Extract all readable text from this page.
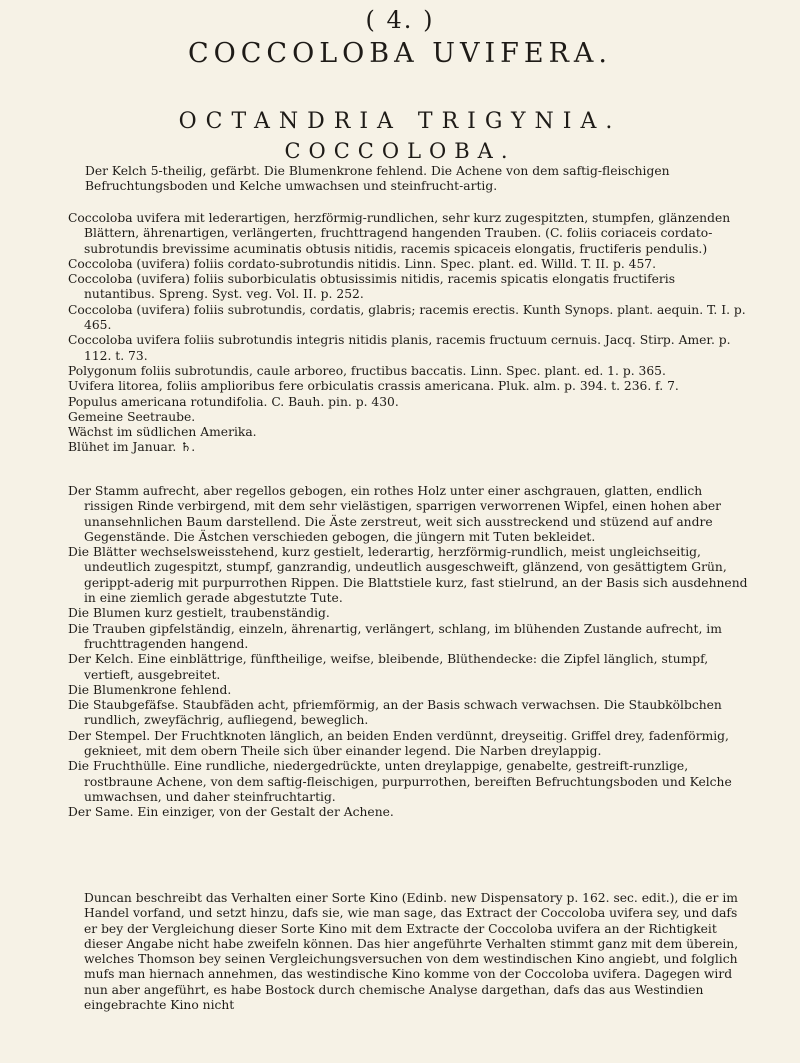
( 4. )
COCCOLOBA UVIFERA.
OCTANDRIA TRIGYNIA.
COCCOLOBA.
Der Kelch 5-theilig, gefärbt. Die Blumenkrone fehlend. Die Achene von dem saftig-fleischigen Befruchtungsboden und Kelche umwachsen und steinfrucht-artig.

Coccoloba uvifera mit lederartigen, herzförmig-rundlichen, sehr kurz zugespitzten, stumpfen, glänzenden Blättern, ährenartigen, verlängerten, fruchttragend hangenden Trauben. (C. foliis coriaceis cordato-subrotundis brevissime acuminatis obtusis nitidis, racemis spicaceis elongatis, fructiferis pendulis.)

Coccoloba (uvifera) foliis cordato-subrotundis nitidis. Linn. Spec. plant. ed. Willd. T. II. p. 457.

Coccoloba (uvifera) foliis suborbiculatis obtusissimis nitidis, racemis spicatis elongatis fructiferis nutantibus. Spreng. Syst. veg. Vol. II. p. 252.

Coccoloba (uvifera) foliis subrotundis, cordatis, glabris; racemis erectis. Kunth Synops. plant. aequin. T. I. p. 465.

Coccoloba uvifera foliis subrotundis integris nitidis planis, racemis fructuum cernuis. Jacq. Stirp. Amer. p. 112. t. 73.

Polygonum foliis subrotundis, caule arboreo, fructibus baccatis. Linn. Spec. plant. ed. 1. p. 365.

Uvifera litorea, foliis amplioribus fere orbiculatis crassis americana. Pluk. alm. p. 394. t. 236. f. 7.

Populus americana rotundifolia. C. Bauh. pin. p. 430.

Gemeine Seetraube.

Wächst im südlichen Amerika.

Blühet im Januar. ♄.

Der Stamm aufrecht, aber regellos gebogen, ein rothes Holz unter einer aschgrauen, glatten, endlich rissigen Rinde verbirgend, mit dem sehr vielästigen, sparrigen verworrenen Wipfel, einen hohen aber unansehnlichen Baum darstellend. Die Äste zerstreut, weit sich ausstreckend und stüzend auf andre Gegenstände. Die Ästchen verschieden gebogen, die jüngern mit Tuten bekleidet.

Die Blätter wechselsweisstehend, kurz gestielt, lederartig, herzförmig-rundlich, meist ungleichseitig, undeutlich zugespitzt, stumpf, ganzrandig, undeutlich ausgeschweift, glänzend, von gesättigtem Grün, gerippt-aderig mit purpurrothen Rippen. Die Blattstiele kurz, fast stielrund, an der Basis sich ausdehnend in eine ziemlich gerade abgestutzte Tute.

Die Blumen kurz gestielt, traubenständig.

Die Trauben gipfelständig, einzeln, ährenartig, verlängert, schlang, im blühenden Zustande aufrecht, im fruchttragenden hangend.

Der Kelch. Eine einblättrige, fünftheilige, weifse, bleibende, Blüthendecke: die Zipfel länglich, stumpf, vertieft, ausgebreitet.

Die Blumenkrone fehlend.

Die Staubgefäfse. Staubfäden acht, pfriemförmig, an der Basis schwach verwachsen. Die Staubkölbchen rundlich, zweyfächrig, aufliegend, beweglich.

Der Stempel. Der Fruchtknoten länglich, an beiden Enden verdünnt, dreyseitig. Griffel drey, fadenförmig, geknieet, mit dem obern Theile sich über einander legend. Die Narben dreylappig.

Die Fruchthülle. Eine rundliche, niedergedrückte, unten dreylappige, genabelte, gestreift-runzlige, rostbraune Achene, von dem saftig-fleischigen, purpurrothen, bereiften Befruchtungsboden und Kelche umwachsen, und daher steinfruchtartig.

Der Same. Ein einziger, von der Gestalt der Achene.

Duncan beschreibt das Verhalten einer Sorte Kino (Edinb. new Dispensatory p. 162. sec. edit.), die er im Handel vorfand, und setzt hinzu, dafs sie, wie man sage, das Extract der Coccoloba uvifera sey, und dafs er bey der Vergleichung dieser Sorte Kino mit dem Extracte der Coccoloba uvifera an der Richtigkeit dieser Angabe nicht habe zweifeln können. Das hier angeführte Verhalten stimmt ganz mit dem überein, welches Thomson bey seinen Vergleichungsversuchen von dem westindischen Kino angiebt, und folglich mufs man hiernach annehmen, das westindische Kino komme von der Coccoloba uvifera. Dagegen wird nun aber angeführt, es habe Bostock durch chemische Analyse dargethan, dafs das aus Westindien eingebrachte Kino nicht
